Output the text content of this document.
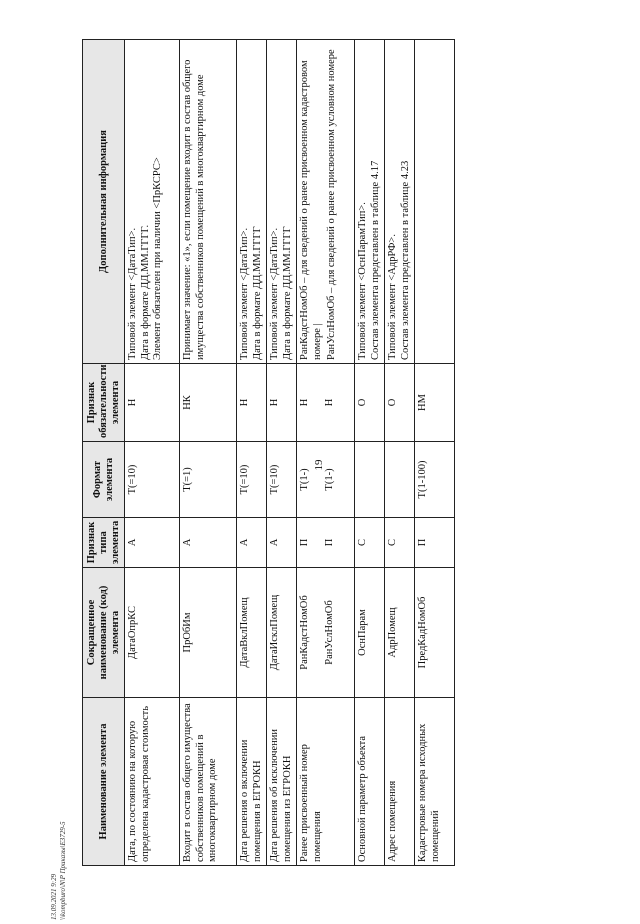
19
Наименование элемента	Сокращенное наименование (код) элемента	Признак типа элемента	Формат элемента	Признак обязательности элемента	Дополнительная информация
Дата, по состоянию на которую определена кадастровая стоимость	ДатаОпрКС	А	Т(=10)	Н	Типовой элемент <ДатаТип>. Дата в формате ДД.ММ.ГГГГ. Элемент обязателен при наличии <ПрКСРС>

Входит в состав общего имущества собственников помещений в многоквартирном доме	ПрОбИм	А	Т(=1)	НК	Принимает значение: «1», если помещение входит в состав общего имущества собственников помещений в многоквартирном доме

Дата решения о включении помещения в ЕГРОКН	ДатаВклПомещ	А	Т(=10)	Н	Типовой элемент <ДатаТип>. Дата в формате ДД.ММ.ГГГГ

Дата решения об исключении помещения из ЕГРОКН	ДатаИсклПомещ	А	Т(=10)	Н	Типовой элемент <ДатаТип>. Дата в формате ДД.ММ.ГГГГ

Ранее присвоенный номер помещения	РанКадстНомОб РанУслНомОб	П П	Т(1-) Т(1-)	Н Н	РанКадстНомОб – для сведений о ранее присвоенном кадастровом номере | РанУслНомОб – для сведений о ранее присвоенном условном номере

Основной параметр объекта	ОснПарам	С		О	Типовой элемент <ОснПарамТип>. Состав элемента представлен в таблице 4.17

Адрес помещения	АдрПомещ	С		О	Типовой элемент <АдрРФ>. Состав элемента представлен в таблице 4.23

Кадастровые номера исходных помещений	ПредКадНомОб	П	Т(1-100)	НМ	
13.09.2021 9:29 \\kompburo\N\P Приказы\ЕЗ729-5
